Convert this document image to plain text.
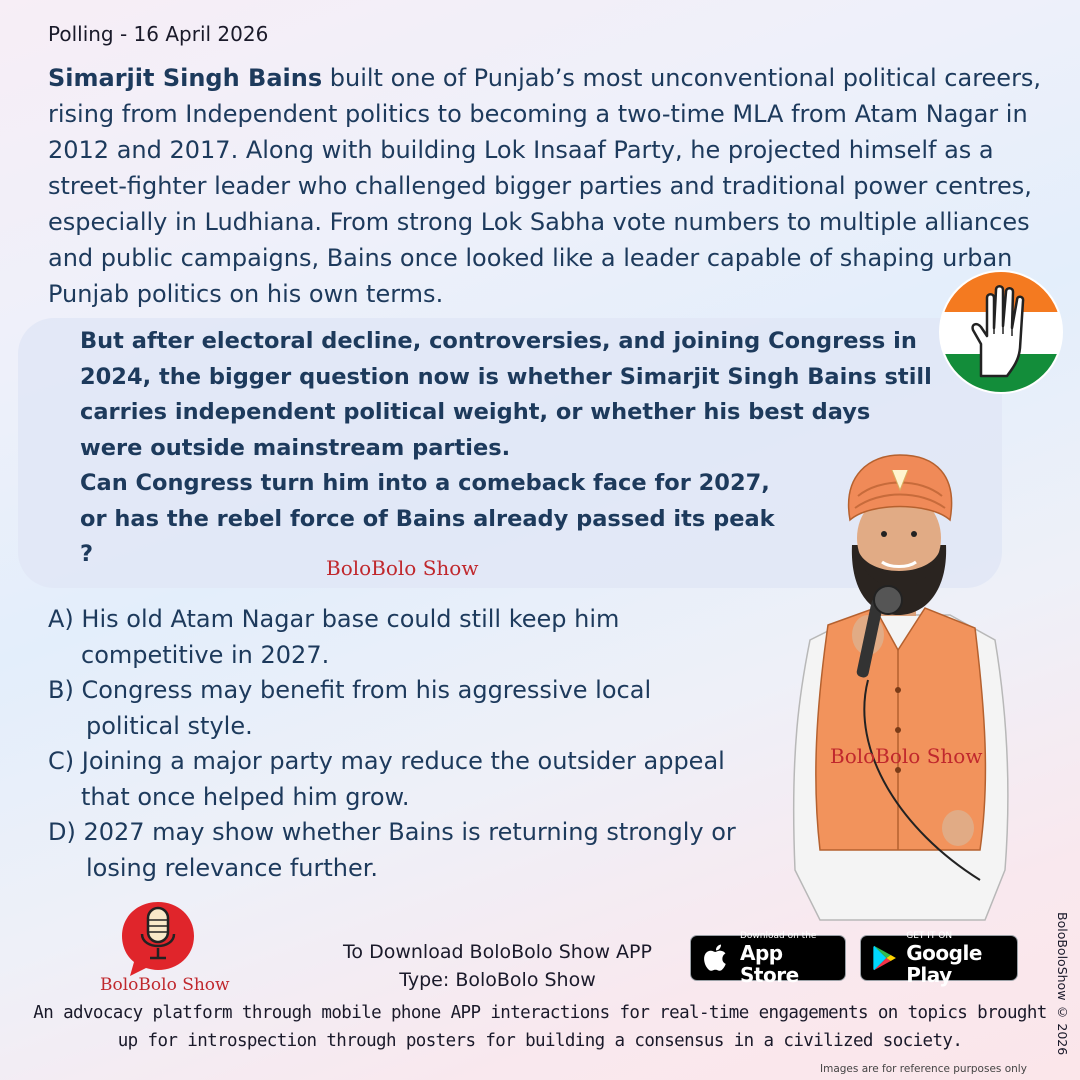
Polling - 16 April 2026
Simarjit Singh Bains built one of Punjab’s most unconventional political careers, rising from Independent politics to becoming a two-time MLA from Atam Nagar in 2012 and 2017. Along with building Lok Insaaf Party, he projected himself as a street-fighter leader who challenged bigger parties and traditional power centres, especially in Ludhiana. From strong Lok Sabha vote numbers to multiple alliances and public campaigns, Bains once looked like a leader capable of shaping urban Punjab politics on his own terms.
But after electoral decline, controversies, and joining Congress in 2024, the bigger question now is whether Simarjit Singh Bains still carries independent political weight, or whether his best days were outside mainstream parties.
Can Congress turn him into a comeback face for 2027, or has the rebel force of Bains already passed its peak ?
BoloBolo Show
A) His old Atam Nagar base could still keep him
competitive in 2027.
B) Congress may benefit from his aggressive local
political style.
C) Joining a major party may reduce the outsider appeal
that once helped him grow.
D) 2027 may show whether Bains is returning strongly or
losing relevance further.
BoloBolo Show
BoloBolo Show
To Download BoloBolo Show APP
Type: BoloBolo Show
Download on the
App Store
GET IT ON
Google Play
An advocacy platform through mobile phone APP interactions for real-time engagements on topics brought up for introspection through posters for building a consensus in a civilized society.	BoloBoloShow © 2026
Images are for reference purposes only
